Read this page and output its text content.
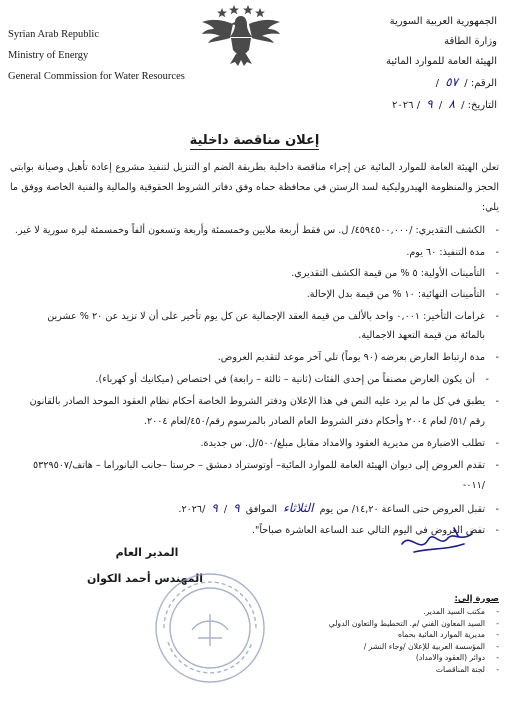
Syrian Arab Republic
Ministry of Energy
General Commission for Water Resources
الجمهورية العربية السورية
وزارة الطاقة
الهيئة العامة للموارد المائية
الرقم: / ٥٧ /
التاريخ: / ٨ / ٩ / ٢٠٢٦
إعلان مناقصة داخلية

تعلن الهيئة العامة للموارد المائية عن إجراء مناقصة داخلية بطريقة الضم او التنزيل لتنفيذ مشروع إعادة تأهيل وصيانة بوابتي الحجز والمنظومة الهيدروليكية لسد الرستن في محافظة حماه وفق دفاتر الشروط الحقوقية والمالية والفنية الخاصة ووفق ما يلي:

-الكشف التقديري: /٤٥٩٤٥٠٠,٠٠٠/ ل. س فقط أربعة ملايين وخمسمئة وأربعة وتسعون ألفاً وخمسمئة ليرة سورية لا غير.
-مدة التنفيذ: ٦٠ يوم.
-التأمينات الأولية: ٥ % من قيمة الكشف التقديري.
-التأمينات النهائية: ١٠ % من قيمة بدل الإحالة.
-غرامات التأخير: ٠,٠٠١ واحد بالألف من قيمة العقد الإجمالية عن كل يوم تأخير على أن لا تزيد عن ٢٠ % عشرين
بالمائة من قيمة التعهد الاجمالية.
-مدة ارتباط العارض بعرضه (٩٠ يوماً) تلي آخر موعد لتقديم العروض.
-أن يكون العارض مصنفاً من إحدى الفئات (ثانية – ثالثة – رابعة) في اختصاص (ميكانيك أو كهرباء).
-يطبق في كل ما لم يرد عليه النص في هذا الإعلان ودفتر الشروط الخاصة أحكام نظام العقود الموحد الصادر بالقانون
رقم /٥١/ لعام ٢٠٠٤ وأحكام دفتر الشروط العام الصادر بالمرسوم رقم/٤٥٠/لعام ٢٠٠٤.
-تطلب الاضبارة من مديرية العقود والامداد مقابل مبلغ/٥٠٠/ل. س جديدة.
-تقدم العروض إلى ديوان الهيئة العامة للموارد المائية– أوتوستراد دمشق – حرستا –جانب البانوراما – هاتف/٥٣٢٩٥٠٧
/٠١١-
-تقبل العروض حتى الساعة ١٤,٢٠/ من يوم الثلاثاء الموافق ٩ / ٩ /٢٠٢٦.
-تفض العروض في اليوم التالي عند الساعة العاشرة صباحاً".
المدير العام
المهندس أحمد الكوان
صورة إلى:
-مكتب السيد المدير.
-السيد المعاون الفني /م. التخطيط والتعاون الدولي
-مديرية الموارد المائية بحماه
-المؤسسة العربية للإعلان /وجاء النشر /
-دوائر (العقود والامداد)
-لجنة المناقصات
